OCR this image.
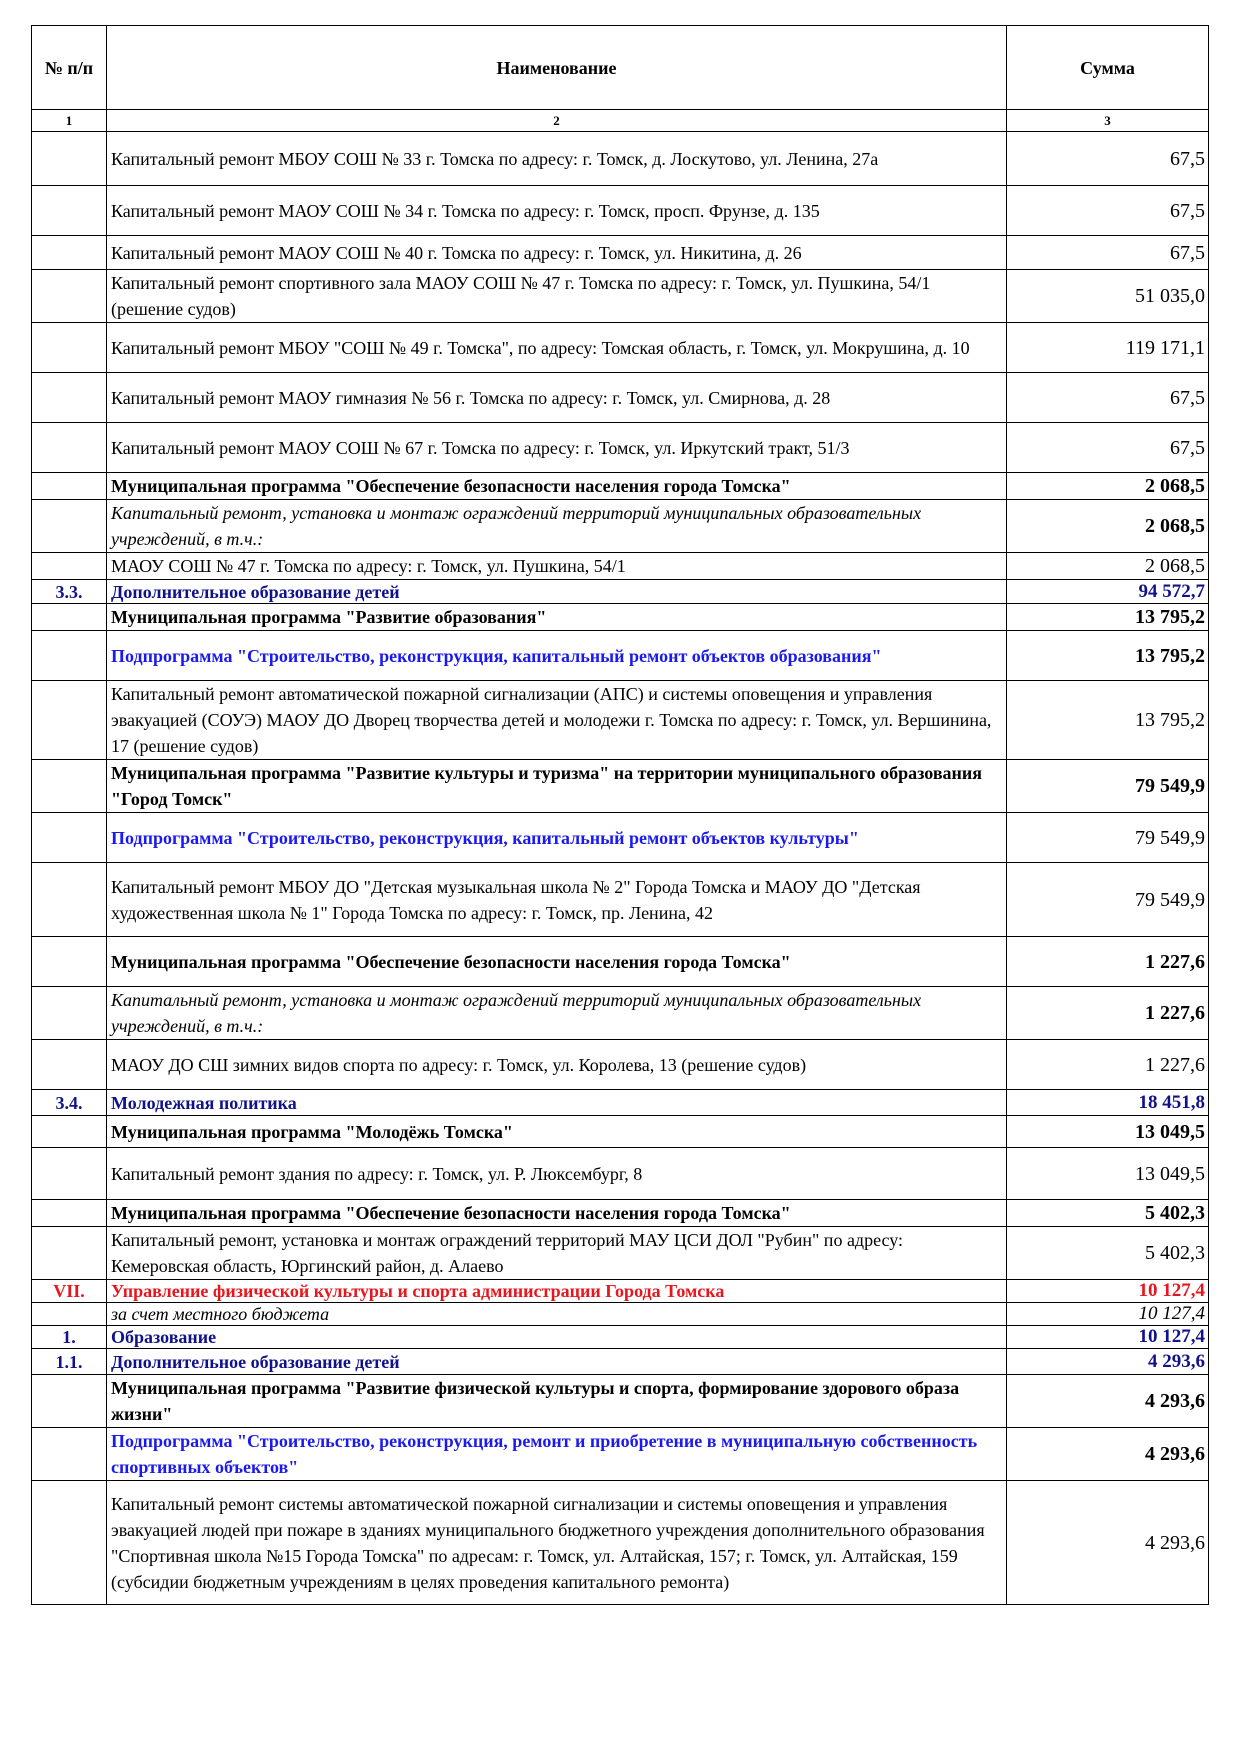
№ п/п	Наименование	Сумма
1	2	3
	Капитальный ремонт МБОУ СОШ № 33 г. Томска по адресу: г. Томск, д. Лоскутово, ул. Ленина, 27а	67,5
	Капитальный ремонт МАОУ СОШ № 34 г. Томска по адресу: г. Томск, просп. Фрунзе, д. 135	67,5
	Капитальный ремонт МАОУ СОШ № 40 г. Томска по адресу: г. Томск, ул. Никитина, д. 26	67,5
	Капитальный ремонт спортивного зала МАОУ СОШ № 47 г. Томска по адресу: г. Томск, ул. Пушкина, 54/1 (решение судов)	51 035,0
	Капитальный ремонт МБОУ "СОШ № 49 г. Томска", по адресу: Томская область, г. Томск, ул. Мокрушина, д. 10	119 171,1
	Капитальный ремонт МАОУ гимназия № 56 г. Томска по адресу: г. Томск, ул. Смирнова, д. 28	67,5
	Капитальный ремонт МАОУ СОШ № 67 г. Томска по адресу: г. Томск, ул. Иркутский тракт, 51/3	67,5
	Муниципальная программа "Обеспечение безопасности населения города Томска"	2 068,5
	Капитальный ремонт, установка и монтаж ограждений территорий муниципальных образовательных учреждений, в т.ч.:	2 068,5
	МАОУ СОШ № 47 г. Томска по адресу: г. Томск, ул. Пушкина, 54/1	2 068,5
3.3.	Дополнительное образование детей	94 572,7
	Муниципальная программа "Развитие образования"	13 795,2
	Подпрограмма "Строительство, реконструкция, капитальный ремонт объектов образования"	13 795,2
	Капитальный ремонт автоматической пожарной сигнализации (АПС) и системы оповещения и управления эвакуацией (СОУЭ) МАОУ ДО Дворец творчества детей и молодежи г. Томска по адресу: г. Томск, ул. Вершинина, 17 (решение судов)	13 795,2
	Муниципальная программа "Развитие культуры и туризма" на территории муниципального образования "Город Томск"	79 549,9
	Подпрограмма "Строительство, реконструкция, капитальный ремонт объектов культуры"	79 549,9
	Капитальный ремонт МБОУ ДО "Детская музыкальная школа № 2" Города Томска и МАОУ ДО "Детская художественная школа № 1" Города Томска по адресу: г. Томск, пр. Ленина, 42	79 549,9
	Муниципальная программа "Обеспечение безопасности населения города Томска"	1 227,6
	Капитальный ремонт, установка и монтаж ограждений территорий муниципальных образовательных учреждений, в т.ч.:	1 227,6
	МАОУ ДО СШ зимних видов спорта по адресу: г. Томск, ул. Королева, 13 (решение судов)	1 227,6
3.4.	Молодежная политика	18 451,8
	Муниципальная программа "Молодёжь Томска"	13 049,5
	Капитальный ремонт здания по адресу: г. Томск, ул. Р. Люксембург, 8	13 049,5
	Муниципальная программа "Обеспечение безопасности населения города Томска"	5 402,3
	Капитальный ремонт, установка и монтаж ограждений территорий МАУ ЦСИ ДОЛ "Рубин" по адресу: Кемеровская область, Юргинский район, д. Алаево	5 402,3
VII.	Управление физической культуры и спорта администрации Города Томска	10 127,4
	за счет местного бюджета	10 127,4
1.	Образование	10 127,4
1.1.	Дополнительное образование детей	4 293,6
	Муниципальная программа "Развитие физической культуры и спорта, формирование здорового образа жизни"	4 293,6
	Подпрограмма "Строительство, реконструкция, ремонт и приобретение в муниципальную собственность спортивных объектов"	4 293,6
	Капитальный ремонт системы автоматической пожарной сигнализации и системы оповещения и управления эвакуацией людей при пожаре в зданиях муниципального бюджетного учреждения дополнительного образования "Спортивная школа №15 Города Томска" по адресам: г. Томск, ул. Алтайская, 157; г. Томск, ул. Алтайская, 159 (субсидии бюджетным учреждениям в целях проведения капитального ремонта)	4 293,6
